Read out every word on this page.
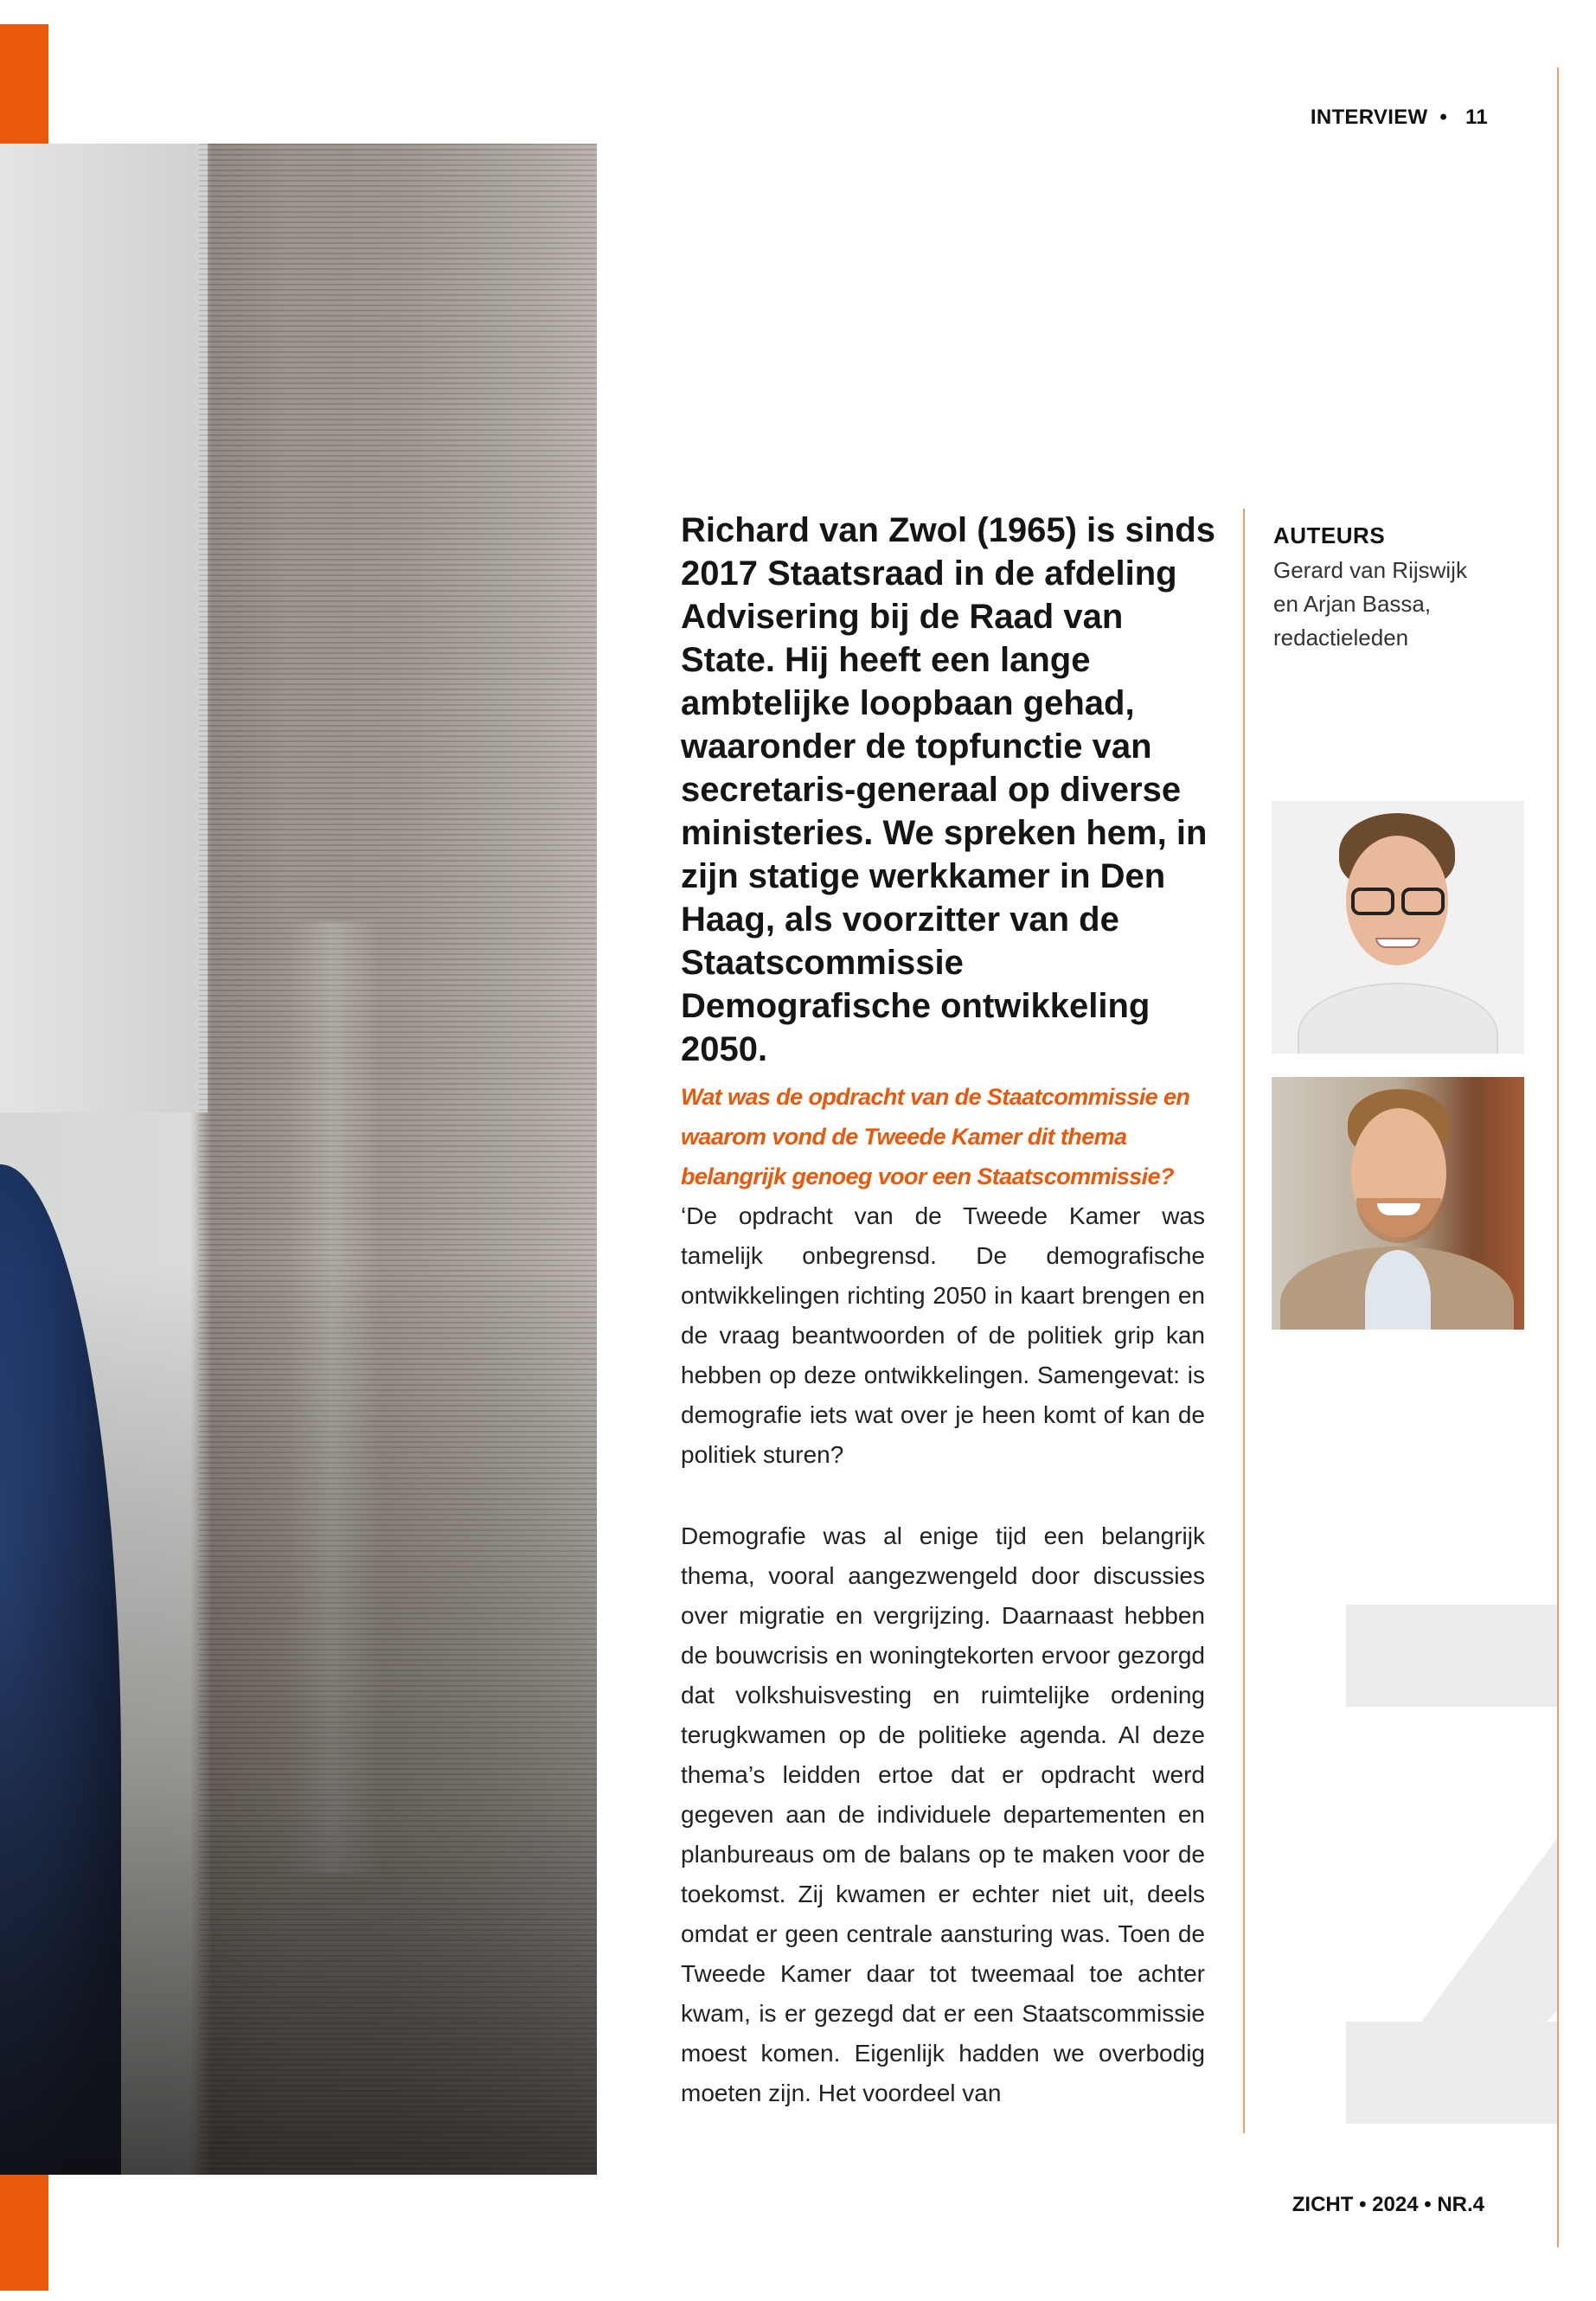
INTERVIEW  •   11
Richard van Zwol (1965) is sinds 2017 Staatsraad in de afdeling Advisering bij de Raad van State. Hij heeft een lange ambtelijke loopbaan gehad, waaronder de topfunctie van secretaris-generaal op diverse ministeries. We spreken hem, in zijn statige werkkamer in Den Haag, als voorzitter van de Staatscommissie Demografische ontwikkeling 2050.
Wat was de opdracht van de Staatcommissie en waarom vond de Tweede Kamer dit thema belangrijk genoeg voor een Staatscommissie?
‘De opdracht van de Tweede Kamer was tamelijk onbegrensd. De demografische ontwikkelingen richting 2050 in kaart brengen en de vraag beantwoorden of de politiek grip kan hebben op deze ontwikkelingen. Samengevat: is demografie iets wat over je heen komt of kan de politiek sturen?
Demografie was al enige tijd een belangrijk thema, vooral aangezwengeld door discussies over migratie en vergrijzing. Daarnaast hebben de bouwcrisis en woningtekorten ervoor gezorgd dat volkshuisvesting en ruimtelijke ordening terugkwamen op de politieke agenda. Al deze thema’s leidden ertoe dat er opdracht werd gegeven aan de individuele departementen en planbureaus om de balans op te maken voor de toekomst. Zij kwamen er echter niet uit, deels omdat er geen centrale aansturing was. Toen de Tweede Kamer daar tot tweemaal toe achter kwam, is er gezegd dat er een Staatscommissie moest komen. Eigenlijk hadden we overbodig moeten zijn. Het voordeel van
AUTEURS
Gerard van Rijswijk
en Arjan Bassa,
redactieleden
ZICHT • 2024 • NR.4
